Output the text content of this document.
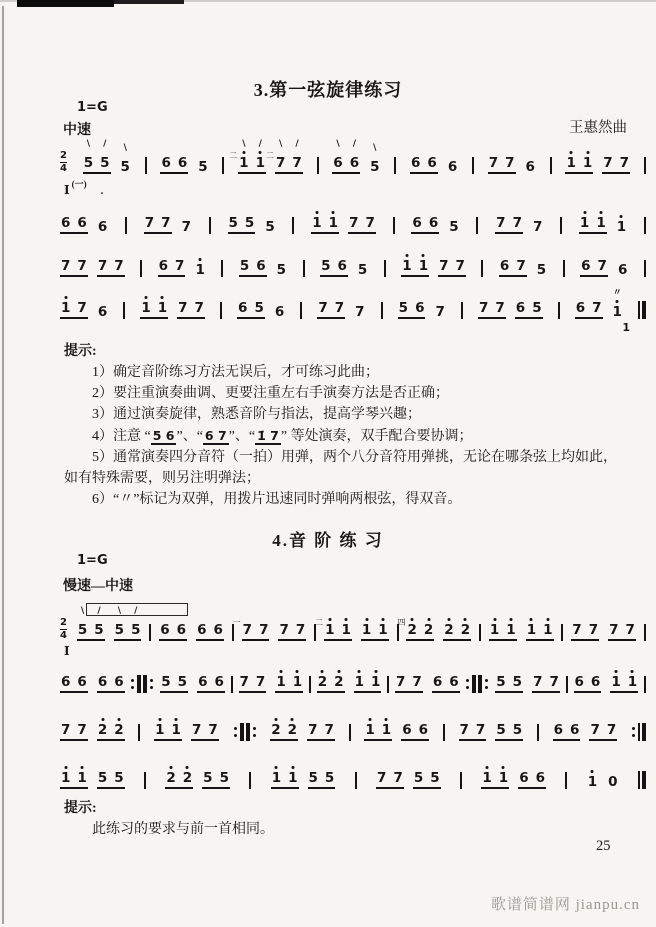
3.第一弦旋律练习
1=G
中速	王惠然曲
$\frac{2}{4}$
\
5
/
5
\
5 6 6 5
二
\
1
/
1 二
\
7
/
7
\
6
/
6
\
5 6 6 6 7 7 6 1 1 7 7
I $^{(一)}$.
6 6 6	7 7 7	5 5 5	1 1 7 7	6 6 5	7 7 7	1 1 1
7 7 7 7	6 7 1	5 6 5	5 6 5	1 1 7 7	6 7 5	6 7 6
1 7 6	1 1 7 7	6 5 6	7 7 7	5 6 7	7 7 6 5	6 7
〃
1
1
提示:
1）确定音阶练习方法无误后，才可练习此曲；
2）要注重演奏曲调、更要注重左右手演奏方法是否正确；
3）通过演奏旋律，熟悉音阶与指法，提高学琴兴趣；
4）注意 “ 5 6 ”、“ 6 7 ”、“ 1̇ 7 ” 等处演奏，双手配合要协调；
5）通常演奏四分音符（一拍）用弹，两个八分音符用弹挑，无论在哪条弦上均如此，如有特殊需要，则另注明弹法；
6）“〃”标记为双弹，用拨片迅速同时弹响两根弦，得双音。
4.音 阶 练 习
1=G
慢速—中速
$\frac{2}{4}$
\
5
/
5
\
5
/
5 6 6 6 6 一 7 7 7 7 二 1 1 1 1 四 2 2 2 2 1 1 1 1 7 7 7 7
I
6 6 6 6	5 5 6 6 7 7 1 1 2 2 1 1 7 7 6 6	5 5 7 7 6 6 1 1
7 7 2 2 1 1 7 7	2 2 7 7 1 1 6 6 7 7 5 5 6 6 7 7
1 1 5 5	2 2 5 5	1 1 5 5	7 7 5 5	1 1 6 6	1 0
提示:
此练习的要求与前一首相同。
25
歌谱简谱网 jianpu.cn
